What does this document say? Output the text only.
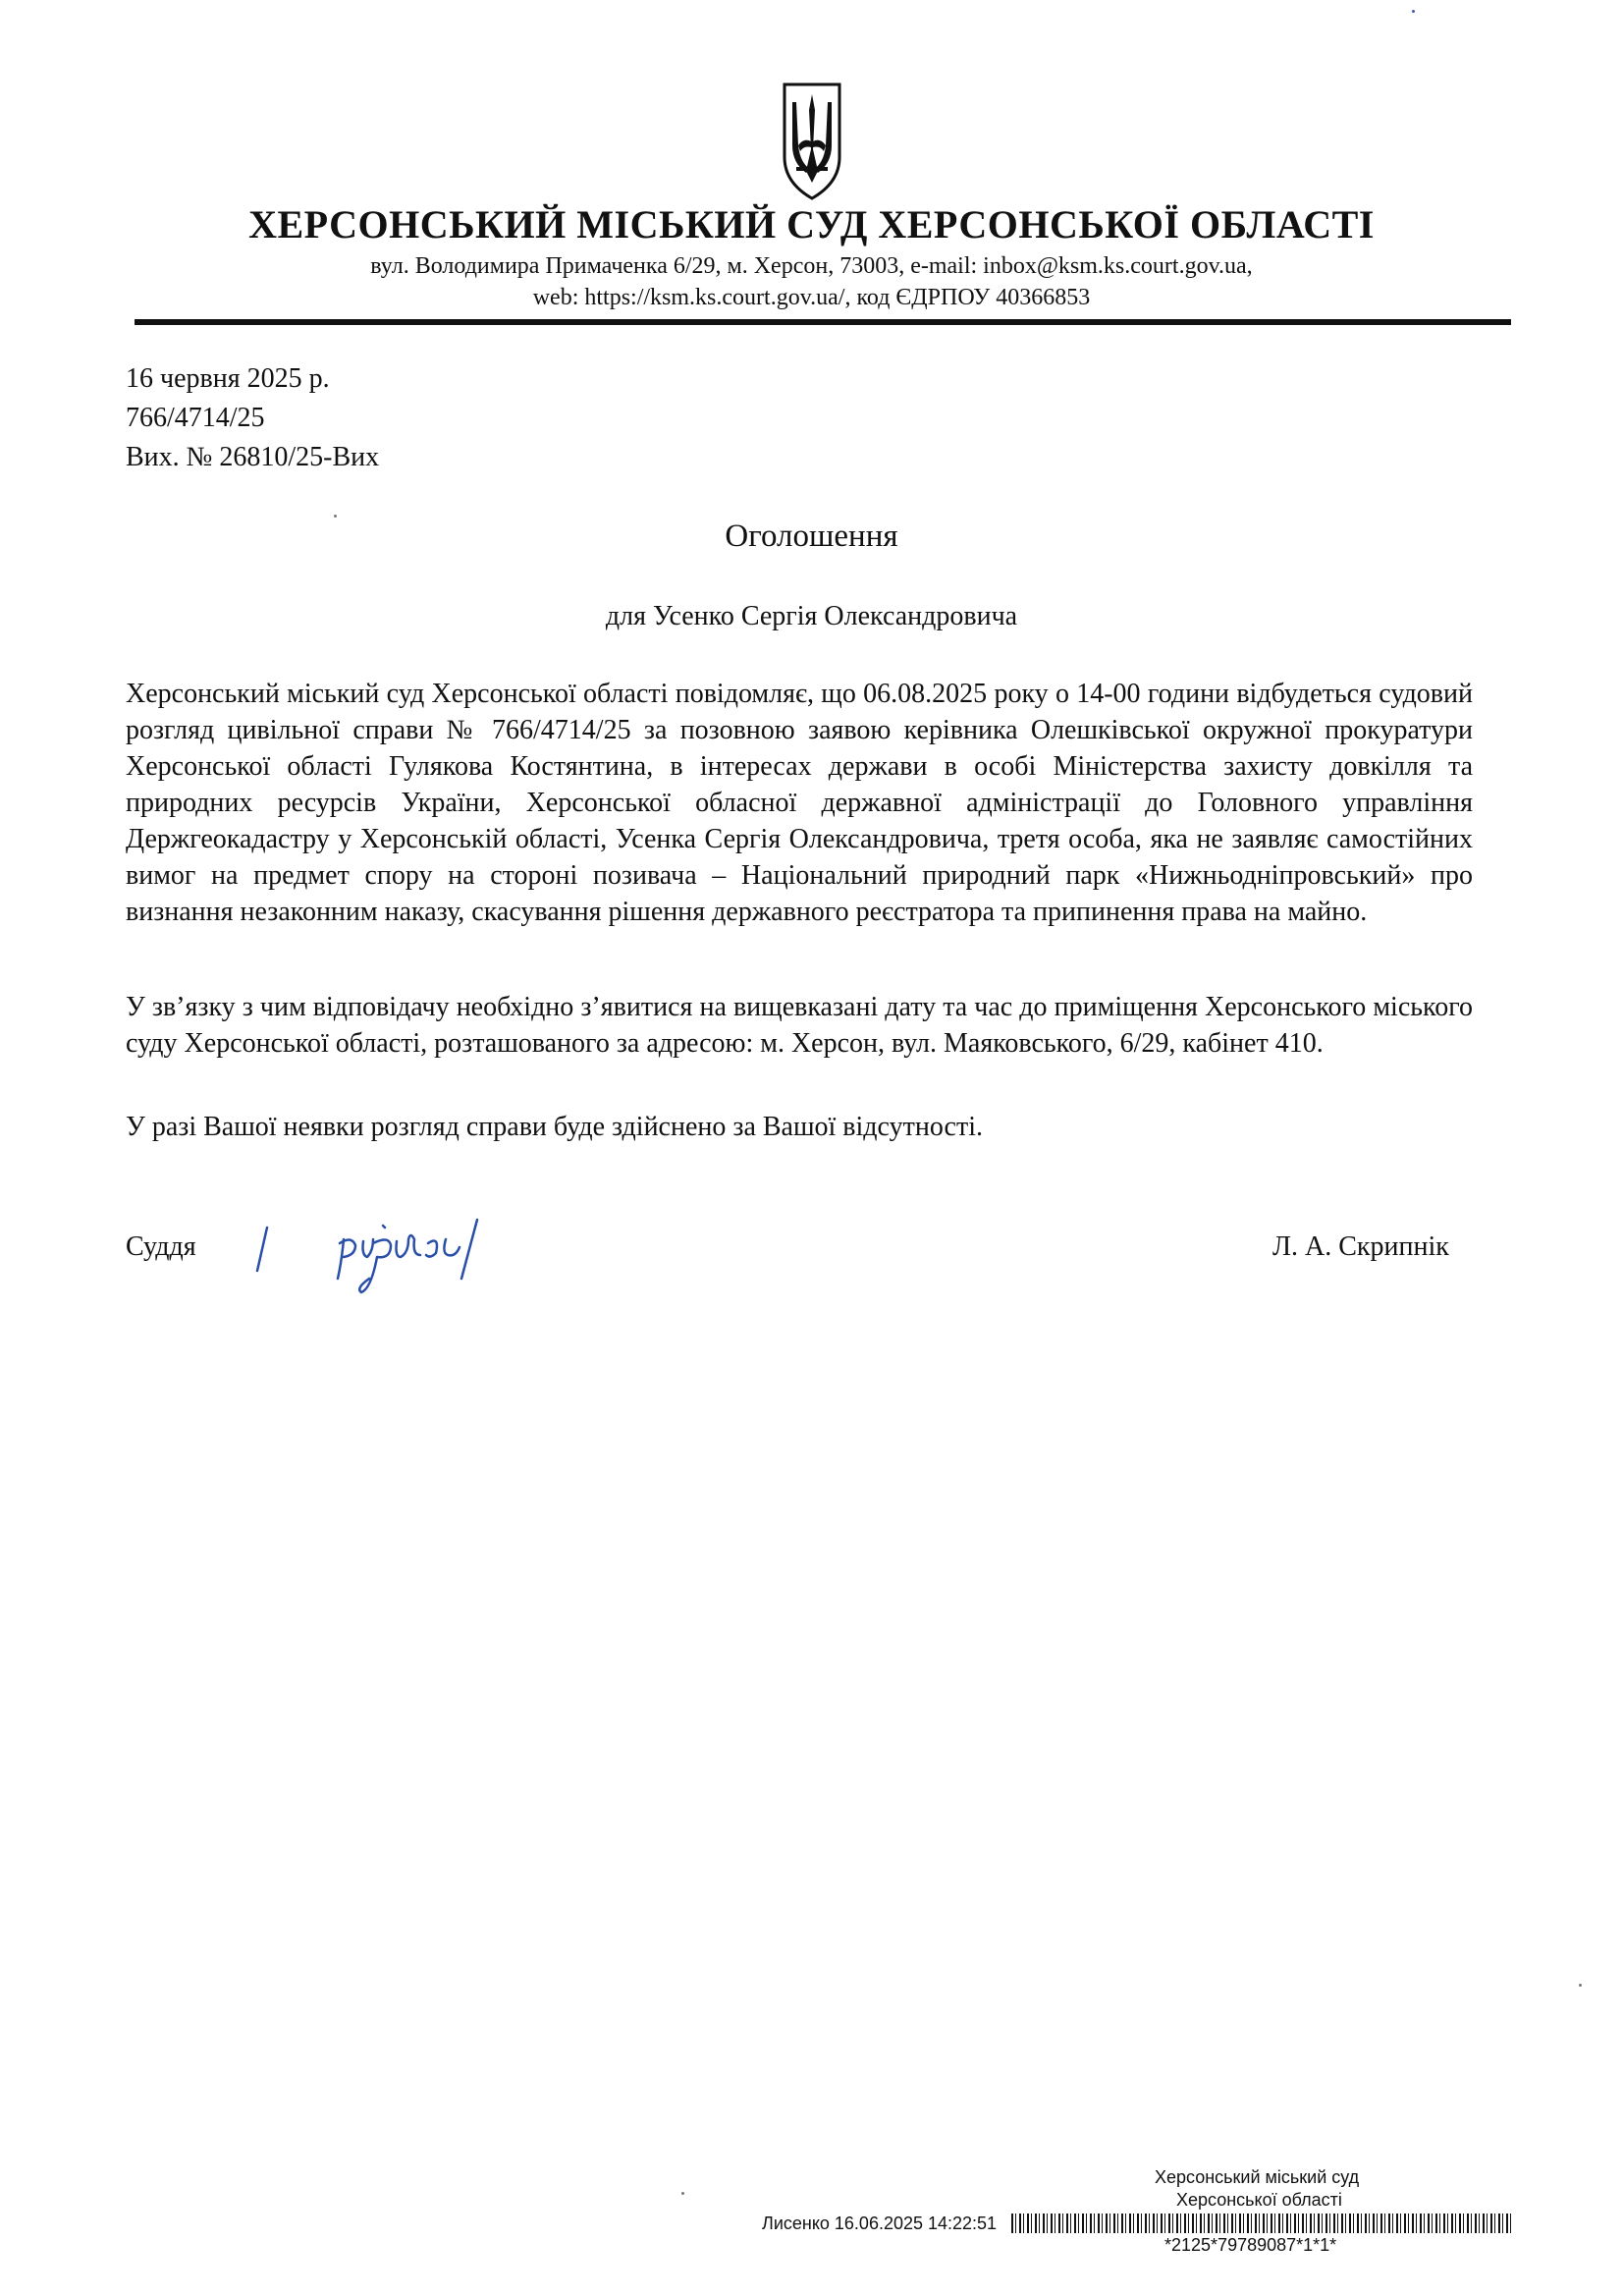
ХЕРСОНСЬКИЙ МІСЬКИЙ СУД ХЕРСОНСЬКОЇ ОБЛАСТІ
вул. Володимира Примаченка 6/29, м. Херсон, 73003, e-mail: inbox@ksm.ks.court.gov.ua,
web: https://ksm.ks.court.gov.ua/, код ЄДРПОУ 40366853
16 червня 2025 р.
766/4714/25
Вих. № 26810/25-Вих
Оголошення
для Усенко Сергія Олександровича

Херсонський міський суд Херсонської області повідомляє, що 06.08.2025 року о 14-00 години відбудеться судовий розгляд цивільної справи № 766/4714/25 за позовною заявою керівника Олешківської окружної прокуратури Херсонської області Гулякова Костянтина, в інтересах держави в особі Міністерства захисту довкілля та природних ресурсів України, Херсонської обласної державної адміністрації до Головного управління Держгеокадастру у Херсонській області, Усенка Сергія Олександровича, третя особа, яка не заявляє самостійних вимог на предмет спору на стороні позивача – Національний природний парк «Нижньодніпровський» про визнання незаконним наказу, скасування рішення державного реєстратора та припинення права на майно.

У зв’язку з чим відповідачу необхідно з’явитися на вищевказані дату та час до приміщення Херсонського міського суду Херсонської області, розташованого за адресою: м. Херсон, вул. Маяковського, 6/29, кабінет 410.

У разі Вашої неявки розгляд справи буде здійснено за Вашої відсутності.

Суддя	Л. А. Скрипнік
Херсонський міський суд
Херсонської області
Лисенко 16.06.2025 14:22:51
*2125*79789087*1*1*
